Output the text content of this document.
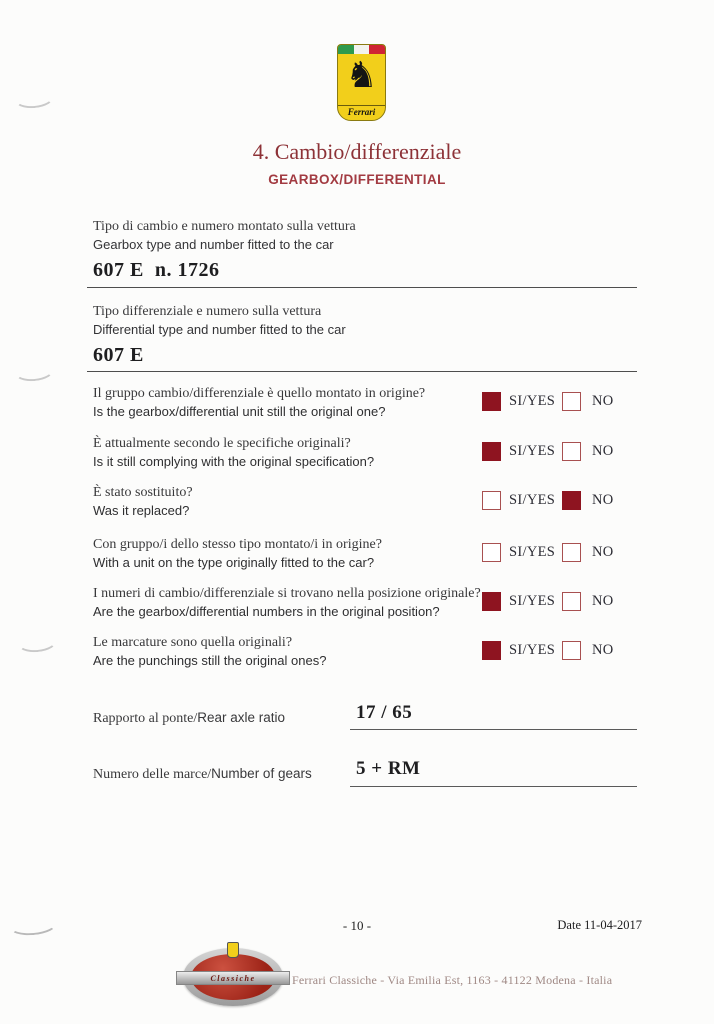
♞
Ferrari
4. Cambio/differenziale
GEARBOX/DIFFERENTIAL
Tipo di cambio e numero montato sulla vettura
Gearbox type and number fitted to the car
607 E  n. 1726
Tipo differenziale e numero sulla vettura
Differential type and number fitted to the car
607 E
Il gruppo cambio/differenziale è quello montato in origine?
Is the gearbox/differential unit still the original one?
SI/YES	NO
È attualmente secondo le specifiche originali?
Is it still complying with the original specification?
SI/YES	NO
È stato sostituito?
Was it replaced?
SI/YES	NO
Con gruppo/i dello stesso tipo montato/i in origine?
With a unit on the type originally fitted to the car?
SI/YES	NO
I numeri di cambio/differenziale si trovano nella posizione originale?
Are the gearbox/differential numbers in the original position?
SI/YES	NO
Le marcature sono quella originali?
Are the punchings still the original ones?
SI/YES	NO
Rapporto al ponte/Rear axle ratio	17 / 65
Numero delle marce/Number of gears 5 + RM
- 10 -	Date 11-04-2017
Classiche	Ferrari Classiche - Via Emilia Est, 1163 - 41122 Modena - Italia
